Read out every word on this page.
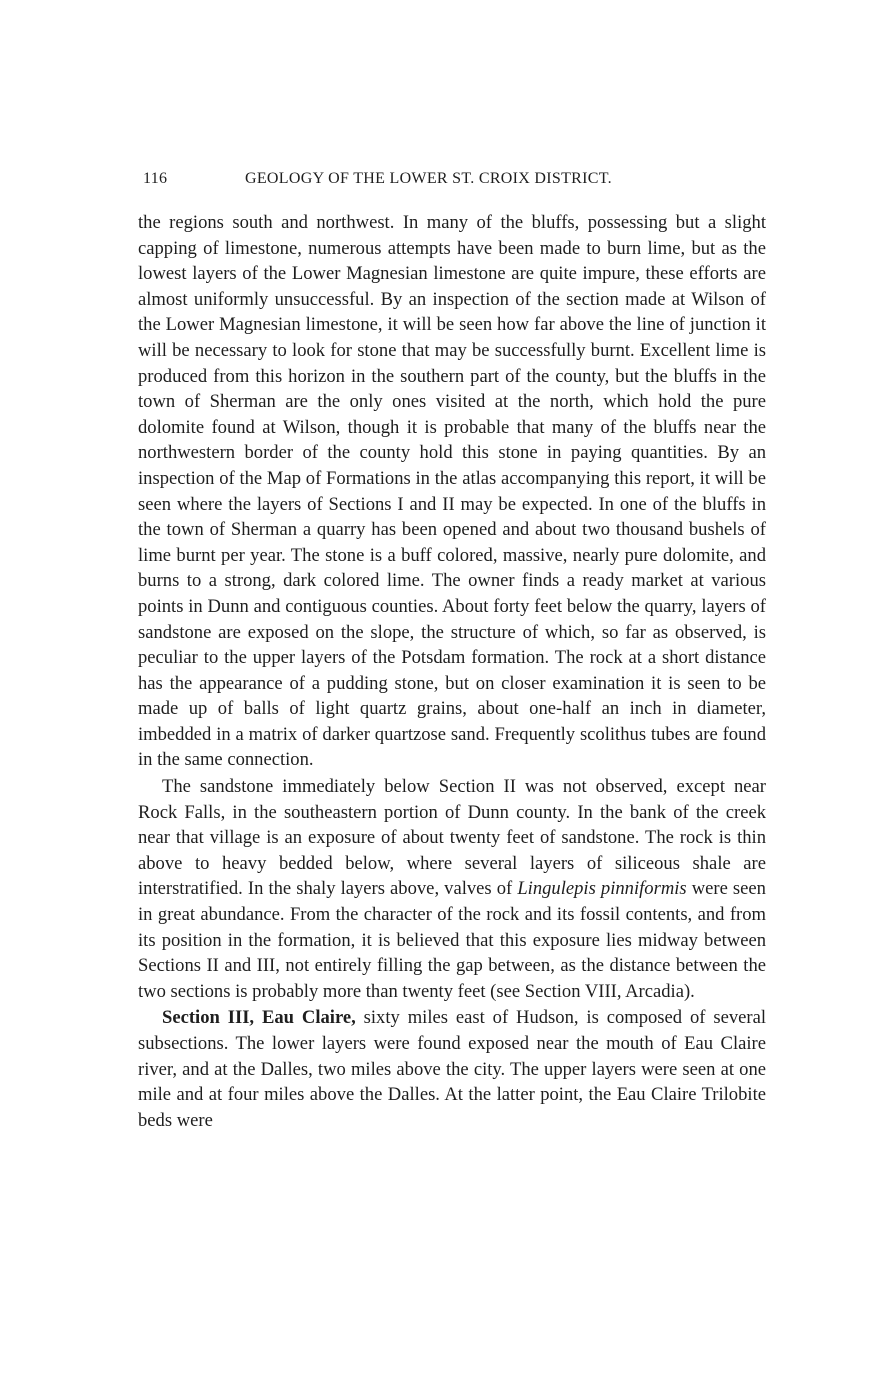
116	GEOLOGY OF THE LOWER ST. CROIX DISTRICT.

the regions south and northwest. In many of the bluffs, possessing but a slight capping of limestone, numerous attempts have been made to burn lime, but as the lowest layers of the Lower Magnesian limestone are quite impure, these efforts are almost uniformly unsuccessful. By an inspection of the section made at Wilson of the Lower Magnesian limestone, it will be seen how far above the line of junction it will be necessary to look for stone that may be successfully burnt. Excellent lime is produced from this horizon in the southern part of the county, but the bluffs in the town of Sherman are the only ones visited at the north, which hold the pure dolomite found at Wilson, though it is probable that many of the bluffs near the northwestern border of the county hold this stone in paying quantities. By an inspection of the Map of Formations in the atlas accompanying this report, it will be seen where the layers of Sections I and II may be expected. In one of the bluffs in the town of Sherman a quarry has been opened and about two thousand bushels of lime burnt per year. The stone is a buff colored, massive, nearly pure dolomite, and burns to a strong, dark colored lime. The owner finds a ready market at various points in Dunn and contiguous counties. About forty feet below the quarry, layers of sandstone are exposed on the slope, the structure of which, so far as observed, is peculiar to the upper layers of the Potsdam formation. The rock at a short distance has the appearance of a pudding stone, but on closer examination it is seen to be made up of balls of light quartz grains, about one-half an inch in diameter, imbedded in a matrix of darker quartzose sand. Frequently scolithus tubes are found in the same connection.

The sandstone immediately below Section II was not observed, except near Rock Falls, in the southeastern portion of Dunn county. In the bank of the creek near that village is an exposure of about twenty feet of sandstone. The rock is thin above to heavy bedded below, where several layers of siliceous shale are interstratified. In the shaly layers above, valves of Lingulepis pinniformis were seen in great abundance. From the character of the rock and its fossil contents, and from its position in the formation, it is believed that this exposure lies midway between Sections II and III, not entirely filling the gap between, as the distance between the two sections is probably more than twenty feet (see Section VIII, Arcadia).

Section III, Eau Claire, sixty miles east of Hudson, is composed of several subsections. The lower layers were found exposed near the mouth of Eau Claire river, and at the Dalles, two miles above the city. The upper layers were seen at one mile and at four miles above the Dalles. At the latter point, the Eau Claire Trilobite beds were
